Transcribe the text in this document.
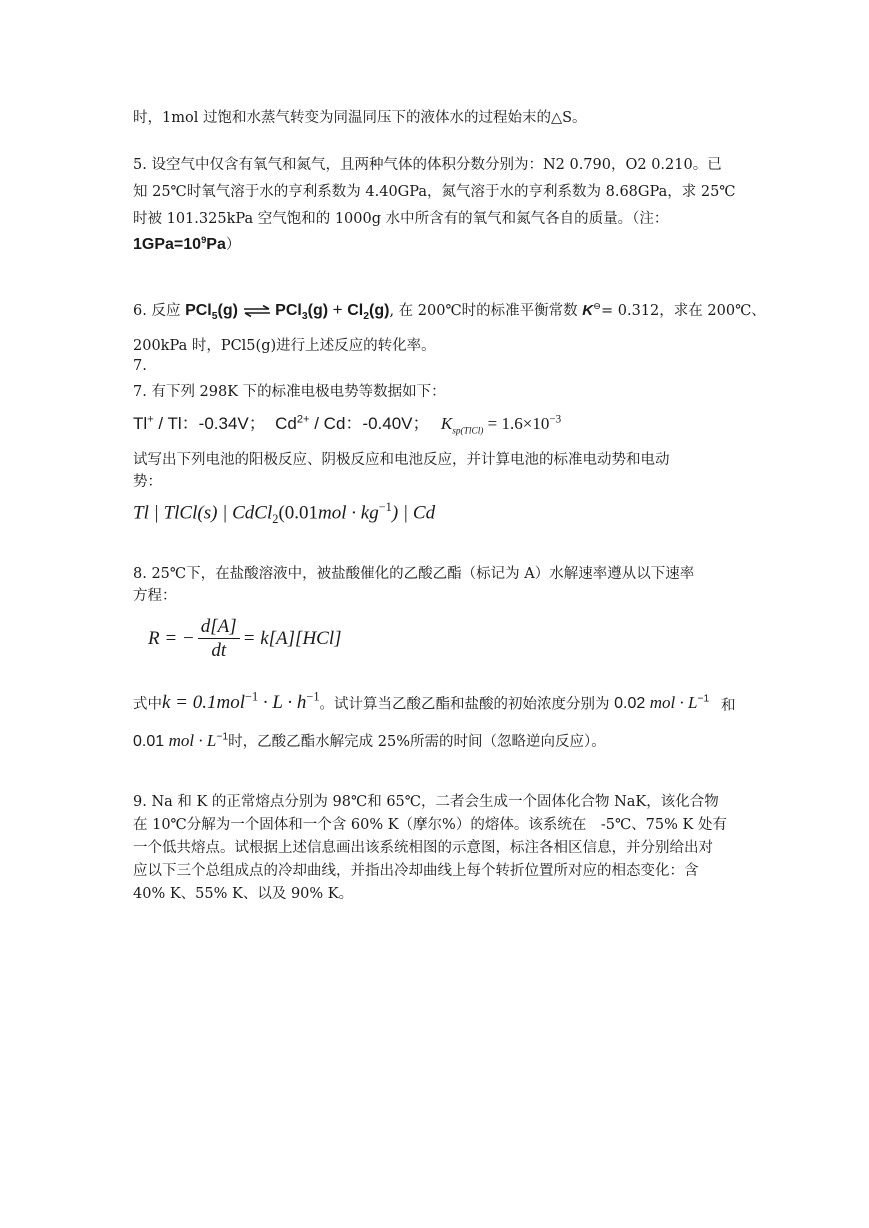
时，1mol 过饱和水蒸气转变为同温同压下的液体水的过程始末的△S。
5. 设空气中仅含有氧气和氮气，且两种气体的体积分数分别为：N2 0.790，O2 0.210。已
知 25℃时氧气溶于水的亨利系数为 4.40GPa，氮气溶于水的亨利系数为 8.68GPa，求 25℃
时被 101.325kPa 空气饱和的 1000g 水中所含有的氧气和氮气各自的质量。（注：
$1GPa=10^9Pa$）
6. 反应 PCl$_5$(g) ⇌ $PCl_3(g) + Cl_2(g)$, 在 200℃时的标准平衡常数 K⊖= 0.312，求在 200℃、
200kPa 时，PCl5(g)进行上述反应的转化率。
7.
7. 有下列 298K 下的标准电极电势等数据如下：
Tl+ / Tl：-0.34V； $Cd^{2+}$ / Cd：-0.40V； $K_{sp(TlCl)} = 1.6\times 10^{-3}$
试写出下列电池的阳极反应、阴极反应和电池反应，并计算电池的标准电动势和电动
势：
Tl | TlCl(s) | CdCl$_2$(0.01mol · $kg^{-1}$) | Cd
8. 25℃下，在盐酸溶液中，被盐酸催化的乙酸乙酯（标记为 A）水解速率遵从以下速率
方程：
R = − $\frac{d[A]}{dt} = k[A][HCl]$
式中$k = 0.1mol^{-1} \cdot L \cdot h^{-1}$。试计算当乙酸乙酯和盐酸的初始浓度分别为 0.02 mol · $L^{-1}$ 和
0.01 mol · $L^{-1}$时，乙酸乙酯水解完成 25%所需的时间（忽略逆向反应）。
9. Na 和 K 的正常熔点分别为 98℃和 65℃，二者会生成一个固体化合物 NaK，该化合物
在 10℃分解为一个固体和一个含 60% K（摩尔%）的熔体。该系统在　-5℃、75% K 处有
一个低共熔点。试根据上述信息画出该系统相图的示意图，标注各相区信息，并分别给出对
应以下三个总组成点的冷却曲线，并指出冷却曲线上每个转折位置所对应的相态变化：含
40% K、55% K、以及 90% K。
